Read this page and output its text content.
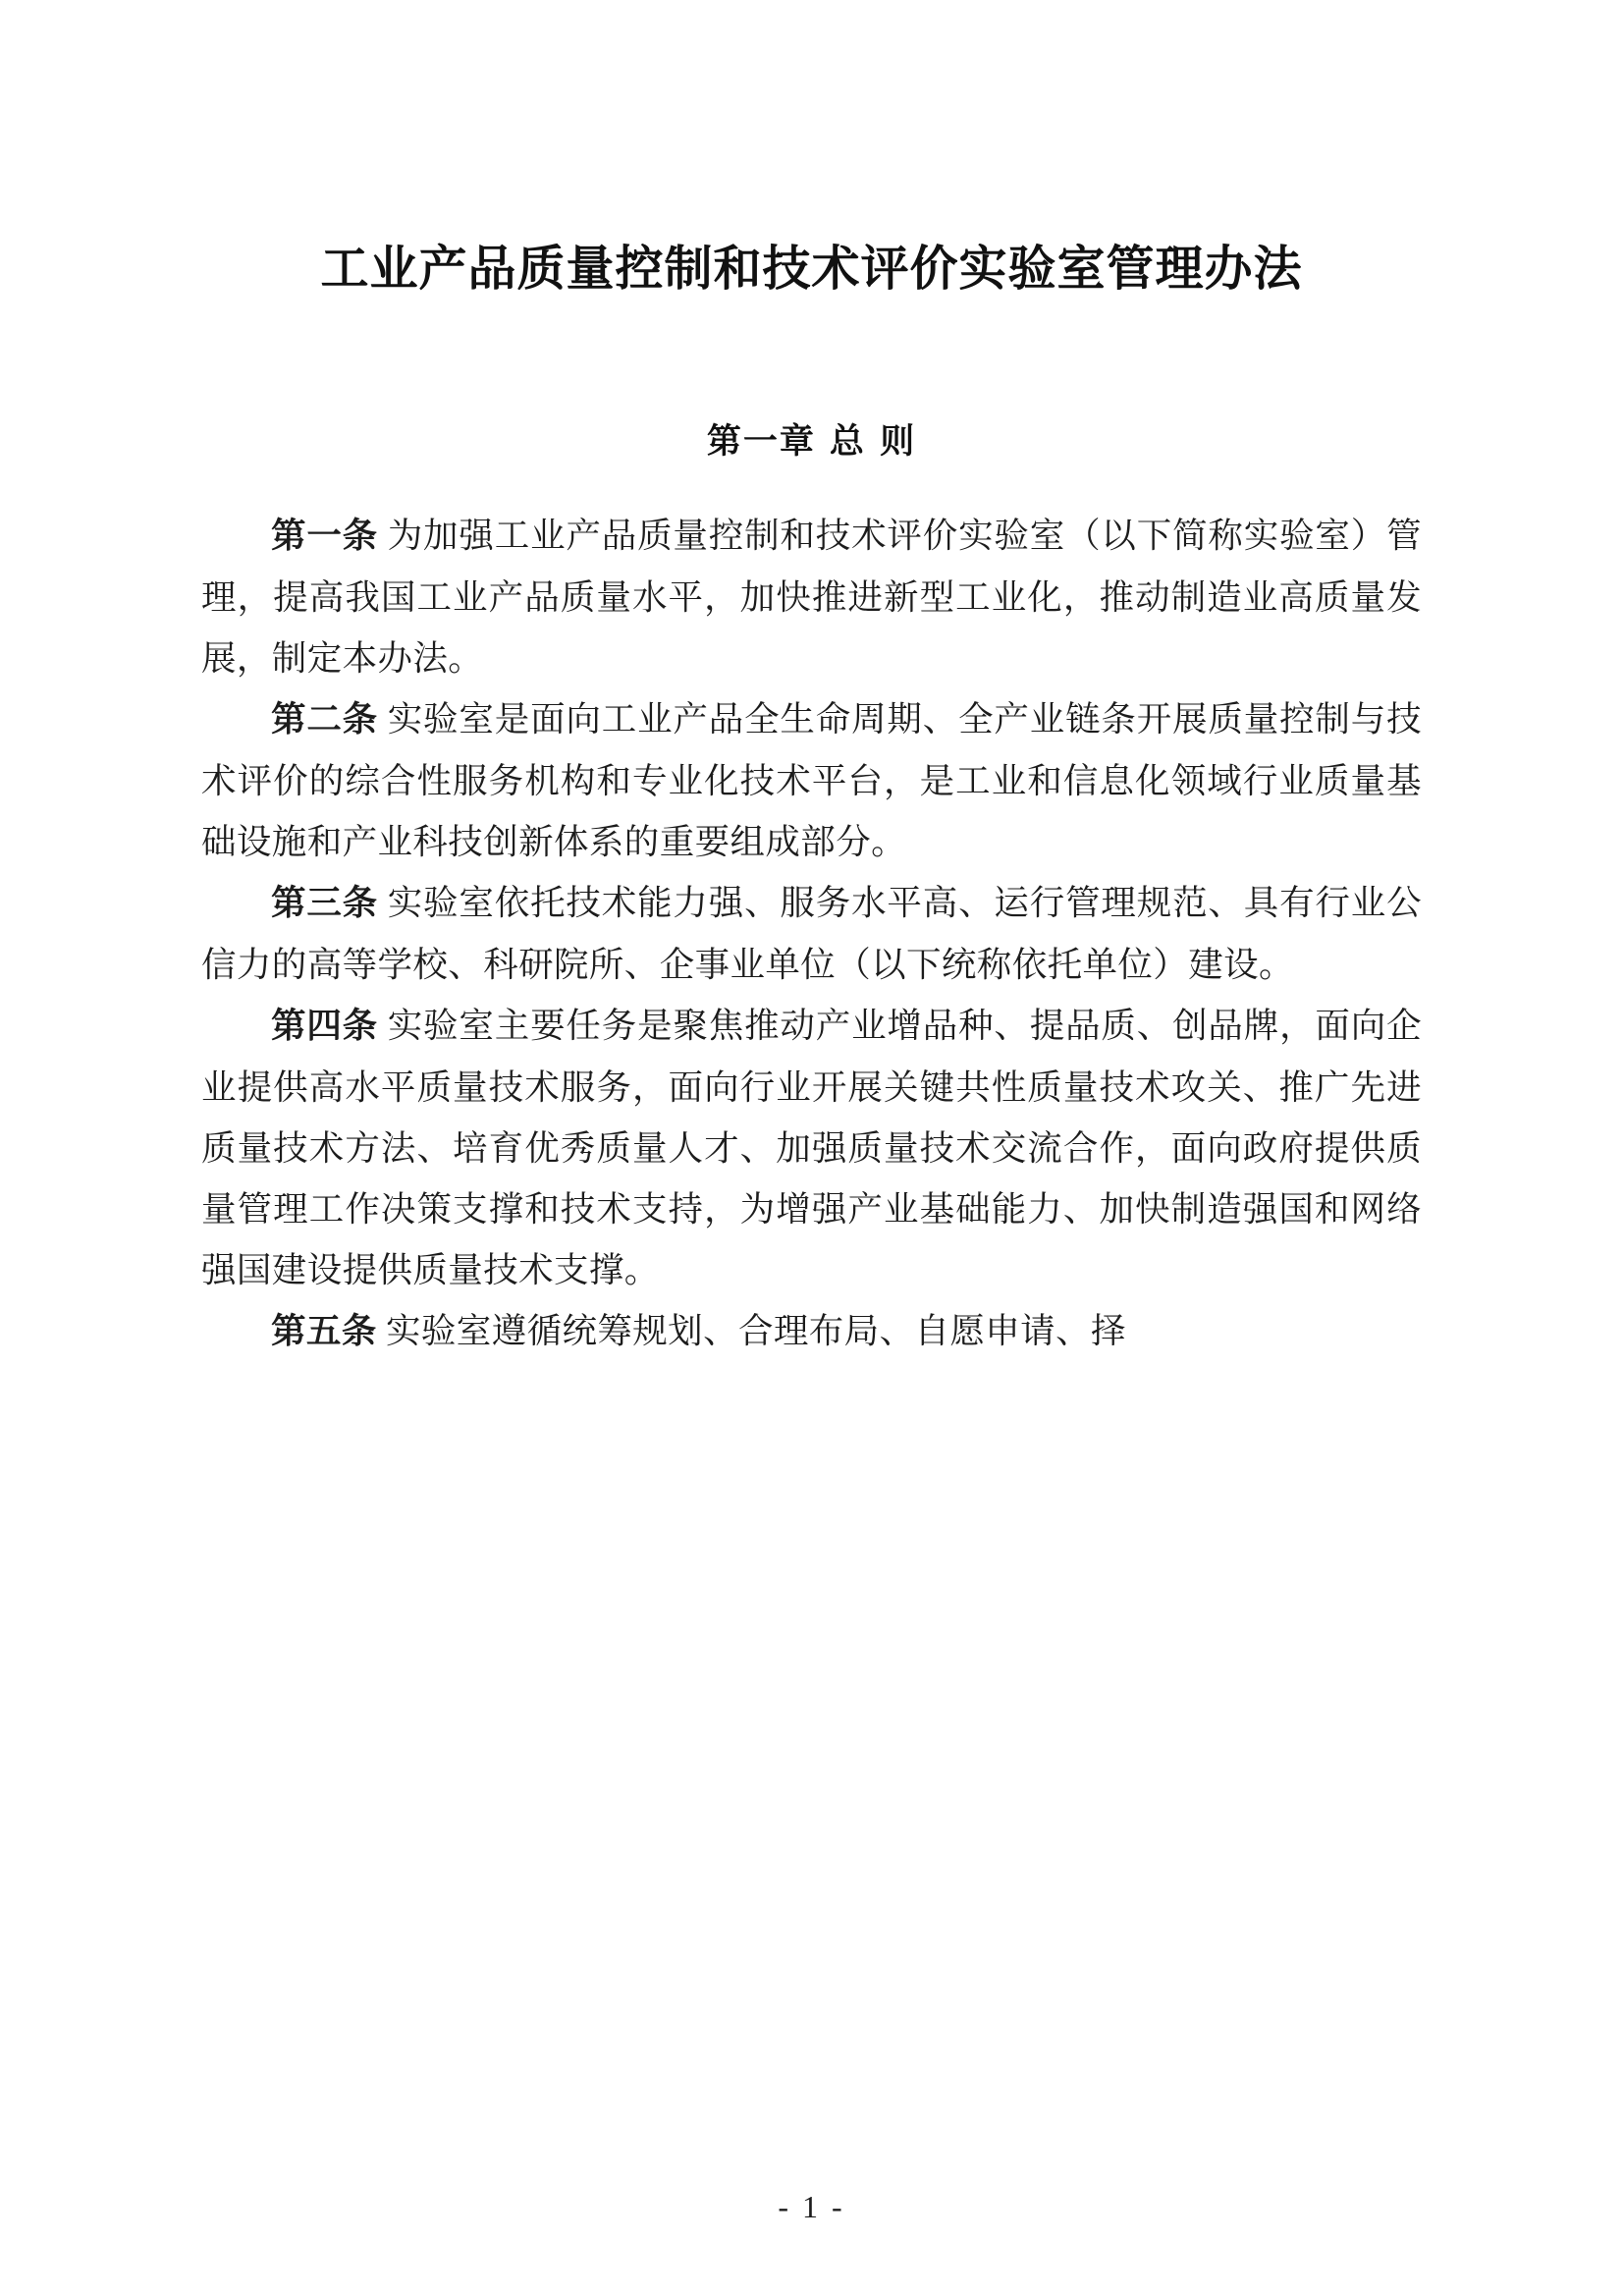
工业产品质量控制和技术评价实验室管理办法
第一章 总 则

第一条 为加强工业产品质量控制和技术评价实验室（以下简称实验室）管理，提高我国工业产品质量水平，加快推进新型工业化，推动制造业高质量发展，制定本办法。

第二条 实验室是面向工业产品全生命周期、全产业链条开展质量控制与技术评价的综合性服务机构和专业化技术平台，是工业和信息化领域行业质量基础设施和产业科技创新体系的重要组成部分。

第三条 实验室依托技术能力强、服务水平高、运行管理规范、具有行业公信力的高等学校、科研院所、企事业单位（以下统称依托单位）建设。

第四条 实验室主要任务是聚焦推动产业增品种、提品质、创品牌，面向企业提供高水平质量技术服务，面向行业开展关键共性质量技术攻关、推广先进质量技术方法、培育优秀质量人才、加强质量技术交流合作，面向政府提供质量管理工作决策支撑和技术支持，为增强产业基础能力、加快制造强国和网络强国建设提供质量技术支撑。

第五条 实验室遵循统筹规划、合理布局、自愿申请、择

- 1 -
